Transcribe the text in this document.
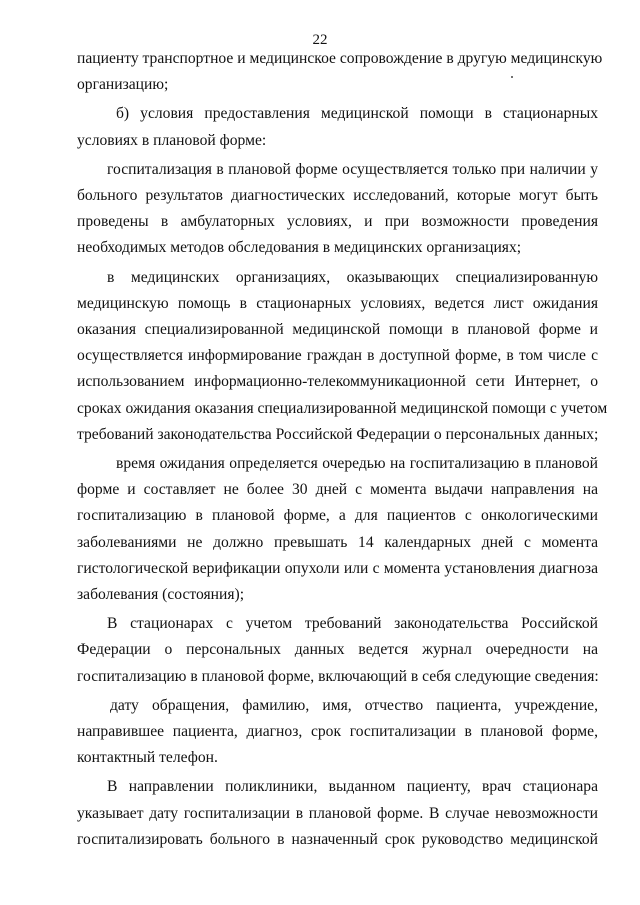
22
пациенту транспортное и медицинское сопровождение в другую медицинскую
организацию;
б) условия предоставления медицинской помощи в стационарных
условиях в плановой форме:
госпитализация в плановой форме осуществляется только при наличии у
больного результатов диагностических исследований, которые могут быть
проведены в амбулаторных условиях, и при возможности проведения
необходимых методов обследования в медицинских организациях;
в медицинских организациях, оказывающих специализированную
медицинскую помощь в стационарных условиях, ведется лист ожидания
оказания специализированной медицинской помощи в плановой форме и
осуществляется информирование граждан в доступной форме, в том числе с
использованием информационно-телекоммуникационной сети Интернет, о
сроках ожидания оказания специализированной медицинской помощи с учетом
требований законодательства Российской Федерации о персональных данных;
время ожидания определяется очередью на госпитализацию в плановой
форме и составляет не более 30 дней с момента выдачи направления на
госпитализацию в плановой форме, а для пациентов с онкологическими
заболеваниями не должно превышать 14 календарных дней с момента
гистологической верификации опухоли или с момента установления диагноза
заболевания (состояния);
В стационарах с учетом требований законодательства Российской
Федерации о персональных данных ведется журнал очередности на
госпитализацию в плановой форме, включающий в себя следующие сведения:
дату обращения, фамилию, имя, отчество пациента, учреждение,
направившее пациента, диагноз, срок госпитализации в плановой форме,
контактный телефон.
В направлении поликлиники, выданном пациенту, врач стационара
указывает дату госпитализации в плановой форме. В случае невозможности
госпитализировать больного в назначенный срок руководство медицинской
